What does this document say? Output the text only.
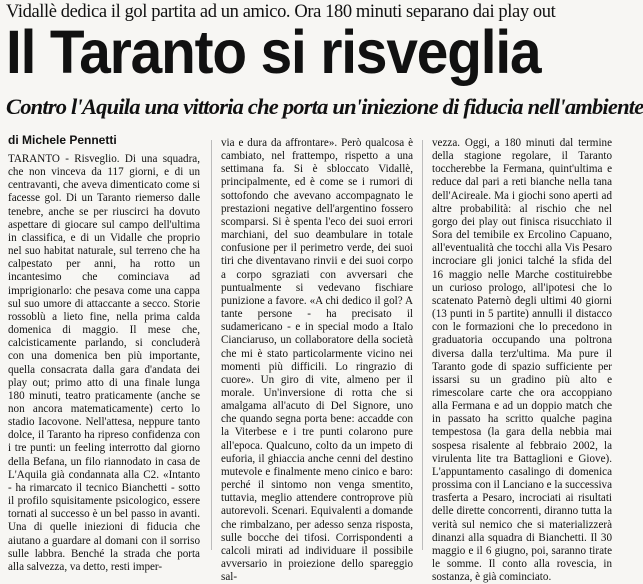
Vidallè dedica il gol partita ad un amico. Ora 180 minuti separano dai play out
Il Taranto si risveglia
Contro l'Aquila una vittoria che porta un'iniezione di fiducia nell'ambiente
di Michele Pennetti

TARANTO - Risveglio. Di una squadra, che non vinceva da 117 giorni, e di un centravanti, che aveva dimenticato come si facesse gol. Di un Taranto riemerso dalle tenebre, anche se per riuscirci ha dovuto aspettare di giocare sul campo dell'ultima in classifica, e di un Vidalle che proprio nel suo habitat naturale, sul terreno che ha calpestato per anni, ha rotto un incantesimo che cominciava ad imprigionarlo: che pesava come una cappa sul suo umore di attaccante a secco. Storie rossoblù a lieto fine, nella prima calda domenica di maggio. Il mese che, calcisticamente parlando, si concluderà con una domenica ben più importante, quella consacrata dalla gara d'andata dei play out; primo atto di una finale lunga 180 minuti, teatro praticamente (anche se non ancora matematicamente) certo lo stadio Iacovone. Nell'attesa, neppure tanto dolce, il Taranto ha ripreso confidenza con i tre punti: un feeling interrotto dal giorno della Befana, un filo riannodato in casa de L'Aquila già condannata alla C2. «Intanto - ha rimarcato il tecnico Bianchetti - sotto il profilo squisitamente psicologico, essere tornati al successo è un bel passo in avanti. Una di quelle iniezioni di fiducia che aiutano a guardare al domani con il sorriso sulle labbra. Benché la strada che porta alla salvezza, va detto, resti imper-

via e dura da affrontare». Però qualcosa è cambiato, nel frattempo, rispetto a una settimana fa. Si è sbloccato Vidallè, principalmente, ed è come se i rumori di sottofondo che avevano accompagnato le prestazioni negative dell'argentino fossero scomparsi. Si è spenta l'eco dei suoi errori marchiani, del suo deambulare in totale confusione per il perimetro verde, dei suoi tiri che diventavano rinvii e dei suoi corpo a corpo sgraziati con avversari che puntualmente si vedevano fischiare punizione a favore. «A chi dedico il gol? A tante persone - ha precisato il sudamericano - e in special modo a Italo Cianciaruso, un collaboratore della società che mi è stato particolarmente vicino nei momenti più difficili. Lo ringrazio di cuore». Un giro di vite, almeno per il morale. Un'inversione di rotta che si amalgama all'acuto di Del Signore, uno che quando segna porta bene: accadde con la Viterbese e i tre punti colarono pure all'epoca. Qualcuno, colto da un impeto di euforia, il ghiaccia anche cenni del destino mutevole e finalmente meno cinico e baro: perché il sintomo non venga smentito, tuttavia, meglio attendere controprove più autorevoli. Scenari. Equivalenti a domande che rimbalzano, per adesso senza risposta, sulle bocche dei tifosi. Corrispondenti a calcoli mirati ad individuare il possibile avversario in proiezione dello spareggio sal-

vezza. Oggi, a 180 minuti dal termine della stagione regolare, il Taranto toccherebbe la Fermana, quint'ultima e reduce dal pari a reti bianche nella tana dell'Acireale. Ma i giochi sono aperti ad altre probabilità: al rischio che nel gorgo dei play out finisca risucchiato il Sora del temibile ex Ercolino Capuano, all'eventualità che tocchi alla Vis Pesaro incrociare gli jonici talché la sfida del 16 maggio nelle Marche costituirebbe un curioso prologo, all'ipotesi che lo scatenato Paternò degli ultimi 40 giorni (13 punti in 5 partite) annulli il distacco con le formazioni che lo precedono in graduatoria occupando una poltrona diversa dalla terz'ultima. Ma pure il Taranto gode di spazio sufficiente per issarsi su un gradino più alto e rimescolare carte che ora accoppiano alla Fermana e ad un doppio match che in passato ha scritto qualche pagina tempestosa (la gara della nebbia mai sospesa risalente al febbraio 2002, la virulenta lite tra Battaglioni e Giove). L'appuntamento casalingo di domenica prossima con il Lanciano e la successiva trasferta a Pesaro, incrociati ai risultati delle dirette concorrenti, diranno tutta la verità sul nemico che si materializzerà dinanzi alla squadra di Bianchetti. Il 30 maggio e il 6 giugno, poi, saranno tirate le somme. Il conto alla rovescia, in sostanza, è già cominciato.
